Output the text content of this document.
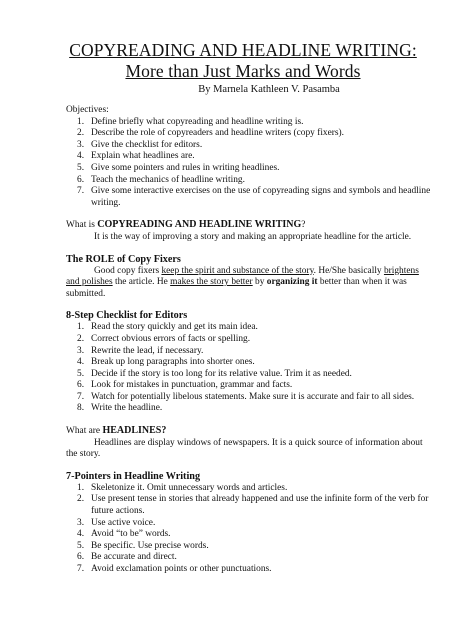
COPYREADING AND HEADLINE WRITING:
More than Just Marks and Words
By Marnela Kathleen V. Pasamba
Objectives:
1. Define briefly what copyreading and headline writing is.
2. Describe the role of copyreaders and headline writers (copy fixers).
3. Give the checklist for editors.
4. Explain what headlines are.
5. Give some pointers and rules in writing headlines.
6. Teach the mechanics of headline writing.
7. Give some interactive exercises on the use of copyreading signs and symbols and headline writing.
What is COPYREADING AND HEADLINE WRITING?
It is the way of improving a story and making an appropriate headline for the article.
The ROLE of Copy Fixers
Good copy fixers keep the spirit and substance of the story. He/She basically brightens and polishes the article. He makes the story better by organizing it better than when it was submitted.
8-Step Checklist for Editors
1. Read the story quickly and get its main idea.
2. Correct obvious errors of facts or spelling.
3. Rewrite the lead, if necessary.
4. Break up long paragraphs into shorter ones.
5. Decide if the story is too long for its relative value. Trim it as needed.
6. Look for mistakes in punctuation, grammar and facts.
7. Watch for potentially libelous statements. Make sure it is accurate and fair to all sides.
8. Write the headline.
What are HEADLINES?
Headlines are display windows of newspapers. It is a quick source of information about the story.
7-Pointers in Headline Writing
1. Skeletonize it. Omit unnecessary words and articles.
2. Use present tense in stories that already happened and use the infinite form of the verb for future actions.
3. Use active voice.
4. Avoid “to be” words.
5. Be specific. Use precise words.
6. Be accurate and direct.
7. Avoid exclamation points or other punctuations.
